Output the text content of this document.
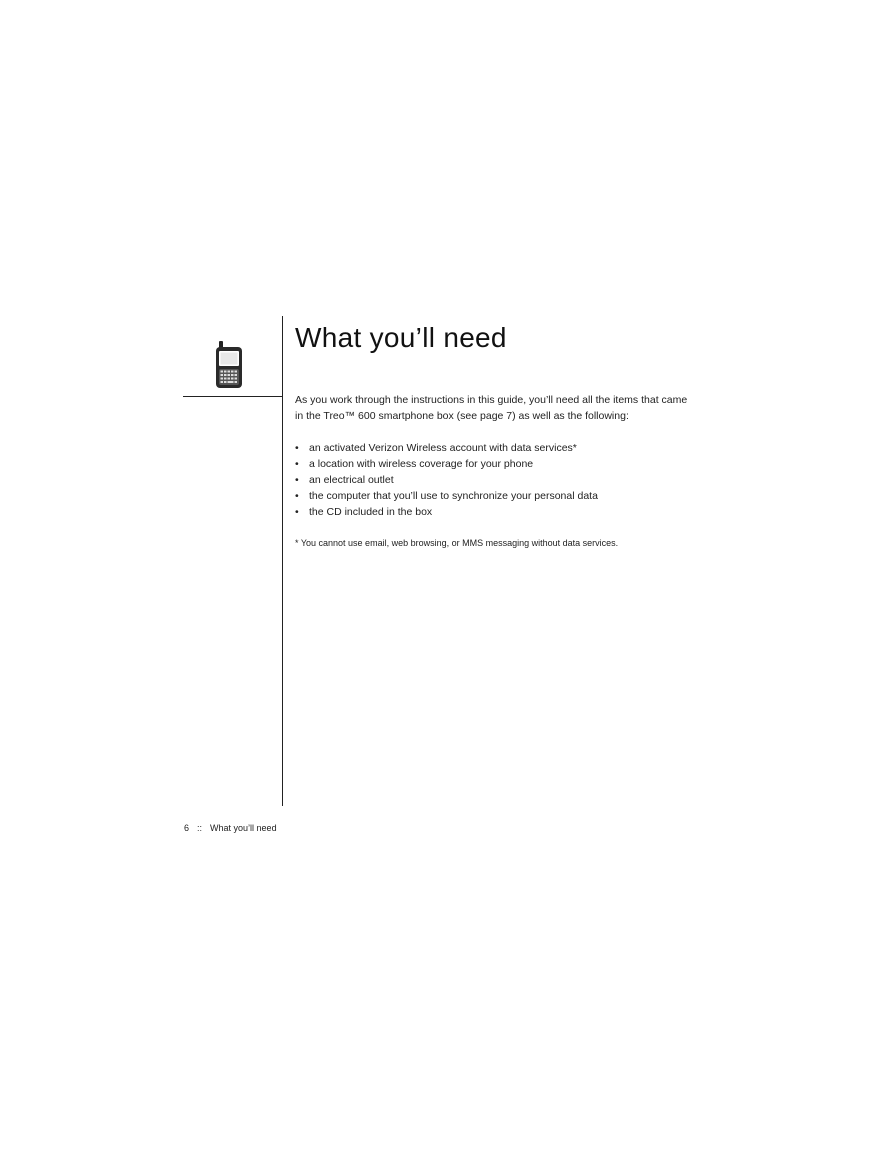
What you’ll need

As you work through the instructions in this guide, you’ll need all the items that came
in the Treo™ 600 smartphone box (see page 7) as well as the following:

• an activated Verizon Wireless account with data services*
• a location with wireless coverage for your phone
• an electrical outlet
• the computer that you’ll use to synchronize your personal data
• the CD included in the box

* You cannot use email, web browsing, or MMS messaging without data services.

6 :: What you’ll need
